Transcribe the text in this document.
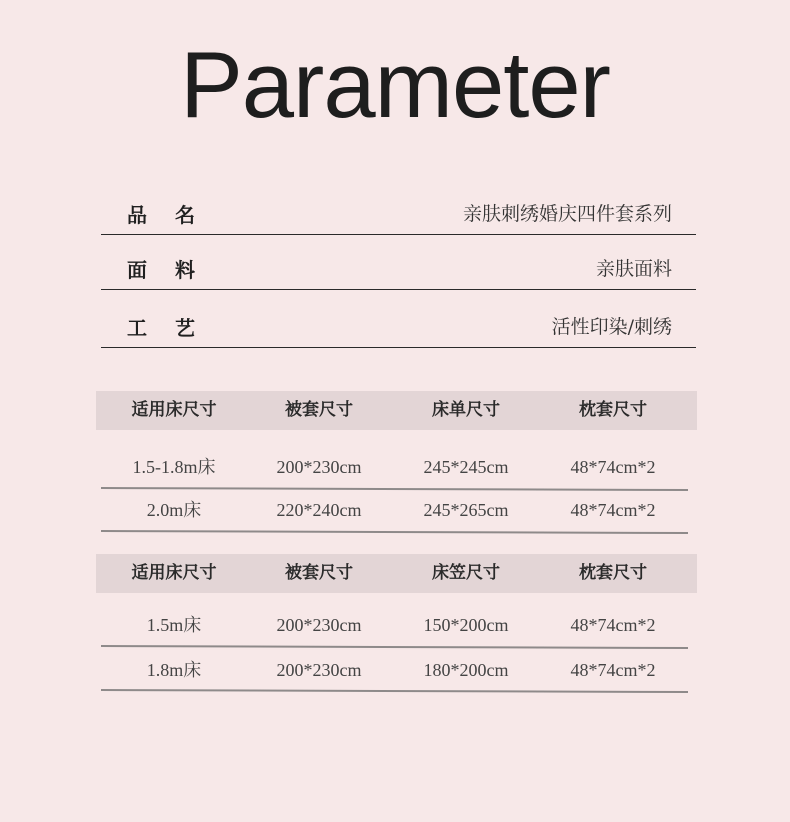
Parameter
品名	亲肤刺绣婚庆四件套系列
面料	亲肤面料
工艺	活性印染/刺绣
适用床尺寸	被套尺寸	床单尺寸	枕套尺寸
1.5-1.8m床	200*230cm	245*245cm	48*74cm*2
2.0m床	220*240cm	245*265cm	48*74cm*2
适用床尺寸	被套尺寸	床笠尺寸	枕套尺寸
1.5m床	200*230cm	150*200cm	48*74cm*2
1.8m床	200*230cm	180*200cm	48*74cm*2
